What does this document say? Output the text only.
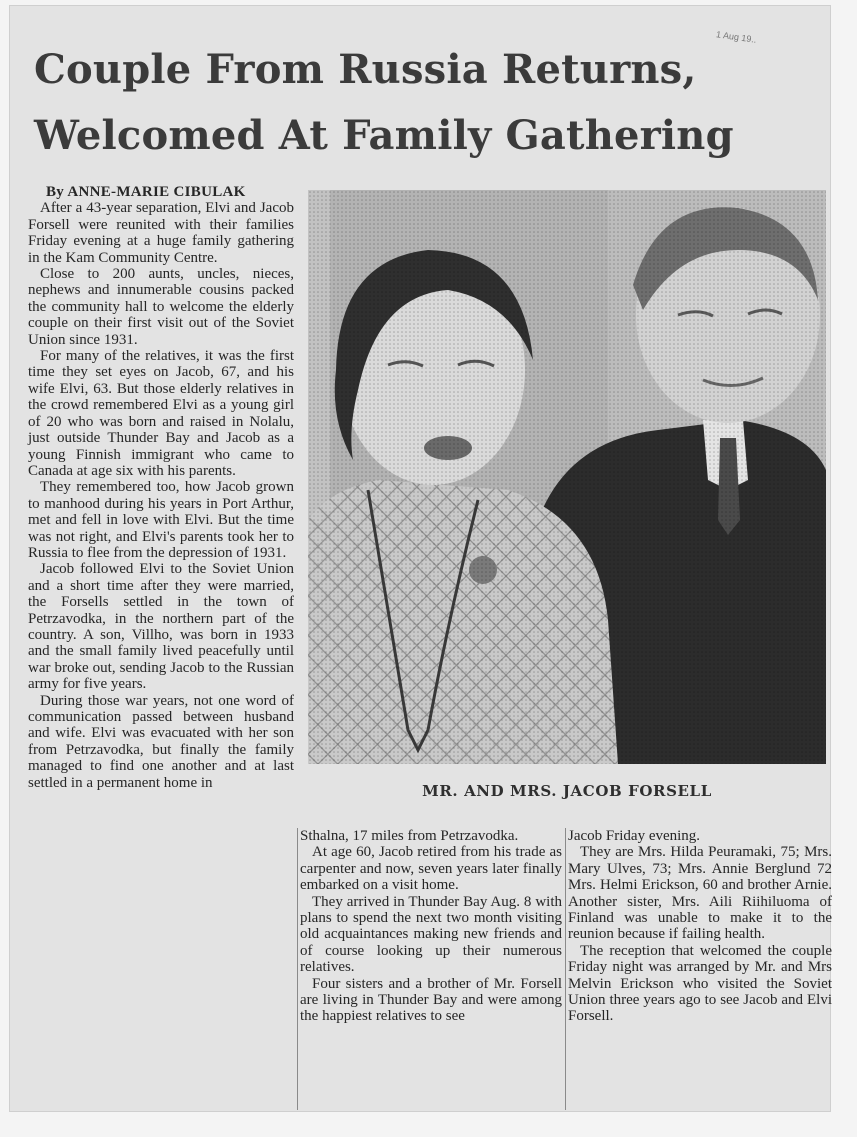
1 Aug 19..
Couple From Russia Returns,
Welcomed At Family Gathering

By ANNE-MARIE CIBULAK

After a 43-year separation, Elvi and Jacob Forsell were reunited with their families Friday evening at a huge family gathering in the Kam Community Centre.

Close to 200 aunts, uncles, nieces, nephews and innumerable cousins packed the community hall to welcome the elderly couple on their first visit out of the Soviet Union since 1931.

For many of the relatives, it was the first time they set eyes on Jacob, 67, and his wife Elvi, 63. But those elderly relatives in the crowd remembered Elvi as a young girl of 20 who was born and raised in Nolalu, just outside Thunder Bay and Jacob as a young Finnish immigrant who came to Canada at age six with his parents.

They remembered too, how Jacob grown to manhood during his years in Port Arthur, met and fell in love with Elvi. But the time was not right, and Elvi's parents took her to Russia to flee from the depression of 1931.

Jacob followed Elvi to the Soviet Union and a short time after they were married, the Forsells settled in the town of Petrzavodka, in the northern part of the country. A son, Villho, was born in 1933 and the small family lived peacefully until war broke out, sending Jacob to the Russian army for five years.

During those war years, not one word of communication passed between husband and wife. Elvi was evacuated with her son from Petrzavodka, but finally the family managed to find one another and at last settled in a permanent home in	MR. AND MRS. JACOB FORSELL

Sthalna, 17 miles from Petrzavodka.

At age 60, Jacob retired from his trade as carpenter and now, seven years later finally embarked on a visit home.

They arrived in Thunder Bay Aug. 8 with plans to spend the next two month visiting old acquaintances making new friends and of course looking up their numerous relatives.

Four sisters and a brother of Mr. Forsell are living in Thunder Bay and were among the happiest relatives to see

Jacob Friday evening.

They are Mrs. Hilda Peuramaki, 75; Mrs. Mary Ulves, 73; Mrs. Annie Berglund 72 Mrs. Helmi Erickson, 60 and brother Arnie. Another sister, Mrs. Aili Riihiluoma of Finland was unable to make it to the reunion because if failing health.

The reception that welcomed the couple Friday night was arranged by Mr. and Mrs Melvin Erickson who visited the Soviet Union three years ago to see Jacob and Elvi Forsell.
